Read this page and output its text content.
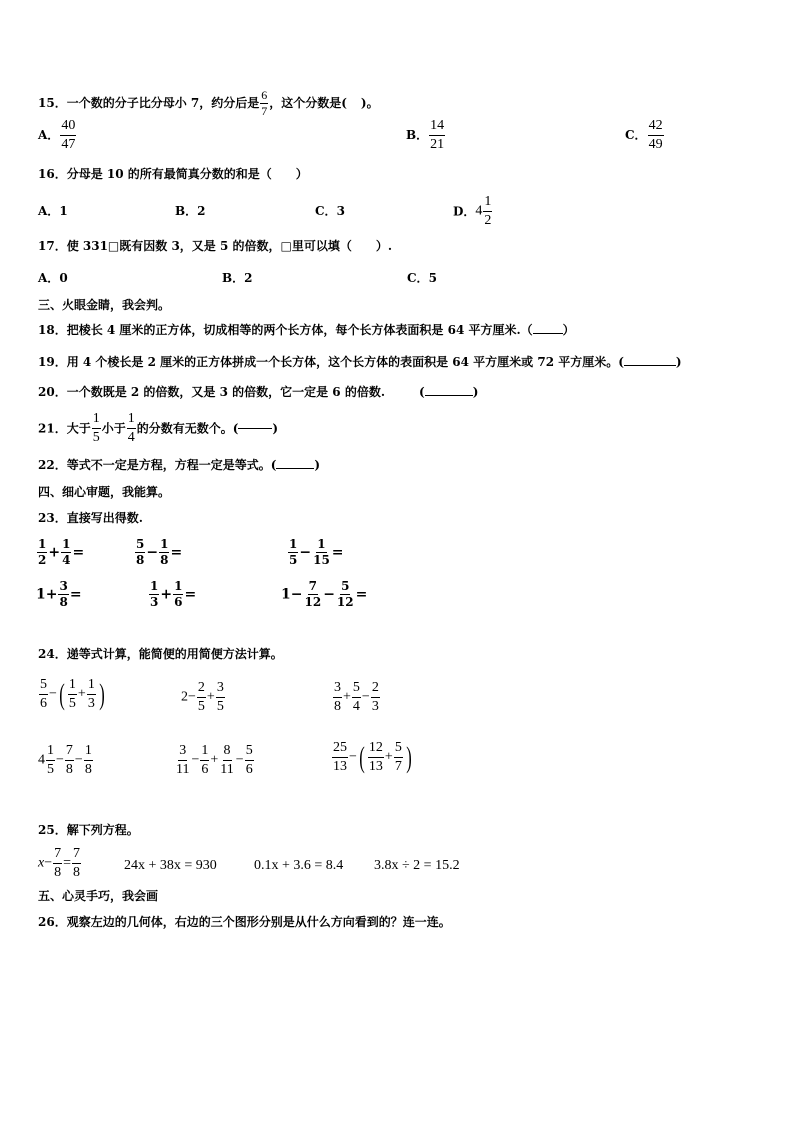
15．一个数的分子比分母小 7，约分后是 $\frac{6}{7}$ ，这个分数是( )。
A． $\frac{40}{47}$	B． $\frac{14}{21}$	C． $\frac{42}{49}$
16．分母是 10 的所有最简真分数的和是（　　）
A．1	B．2	C．3	D．$4 \frac{1}{2}$
17．使 331□既有因数 3，又是 5 的倍数，□里可以填（　　）.
A．0	B．2	C．5
三、火眼金睛，我会判。
18．把棱长 4 厘米的正方体，切成相等的两个长方体，每个长方体表面积是 64 平方厘米.（	）
19．用 4 个棱长是 2 厘米的正方体拼成一个长方体，这个长方体的表面积是 64 平方厘米或 72 平方厘米。(	)
20．一个数既是 2 的倍数，又是 3 的倍数，它一定是 6 的倍数.	(	)
21．大于 $\frac{1}{5}$ 小于 $\frac{1}{4}$ 的分数有无数个。(	)
22．等式不一定是方程，方程一定是等式。(	)
四、细心审题，我能算。
23．直接写出得数.
$\frac{1}{2} + \frac{1}{4}$ =	$\frac{5}{8} - \frac{1}{8}$ =	$\frac{1}{5} - \frac{1}{15}$ =
$1+ \frac{3}{8}$ =	$\frac{1}{3} + \frac{1}{6}$ =	$1- \frac{7}{12} - \frac{5}{12}$ =
24．递等式计算，能简便的用简便方法计算。
$\frac{5}{6}$ −( $\frac{1}{5} + \frac{1}{3}$ )	$2- \frac{2}{5} + \frac{3}{5}$	$\frac{3}{8} + \frac{5}{4} - \frac{2}{3}$
$4 \frac{1}{5} - \frac{7}{8} - \frac{1}{8}$	$\frac{3}{11} - \frac{1}{6} + \frac{8}{11} - \frac{5}{6}$	$\frac{25}{13}$ −( $\frac{12}{13} + \frac{5}{7}$ )
25．解下列方程。
$x- \frac{7}{8} = \frac{7}{8}$	24x + 38x = 930	0.1x + 3.6 = 8.4 3.8x ÷ 2 = 15.2
五、心灵手巧，我会画
26．观察左边的几何体，右边的三个图形分别是从什么方向看到的？连一连。
